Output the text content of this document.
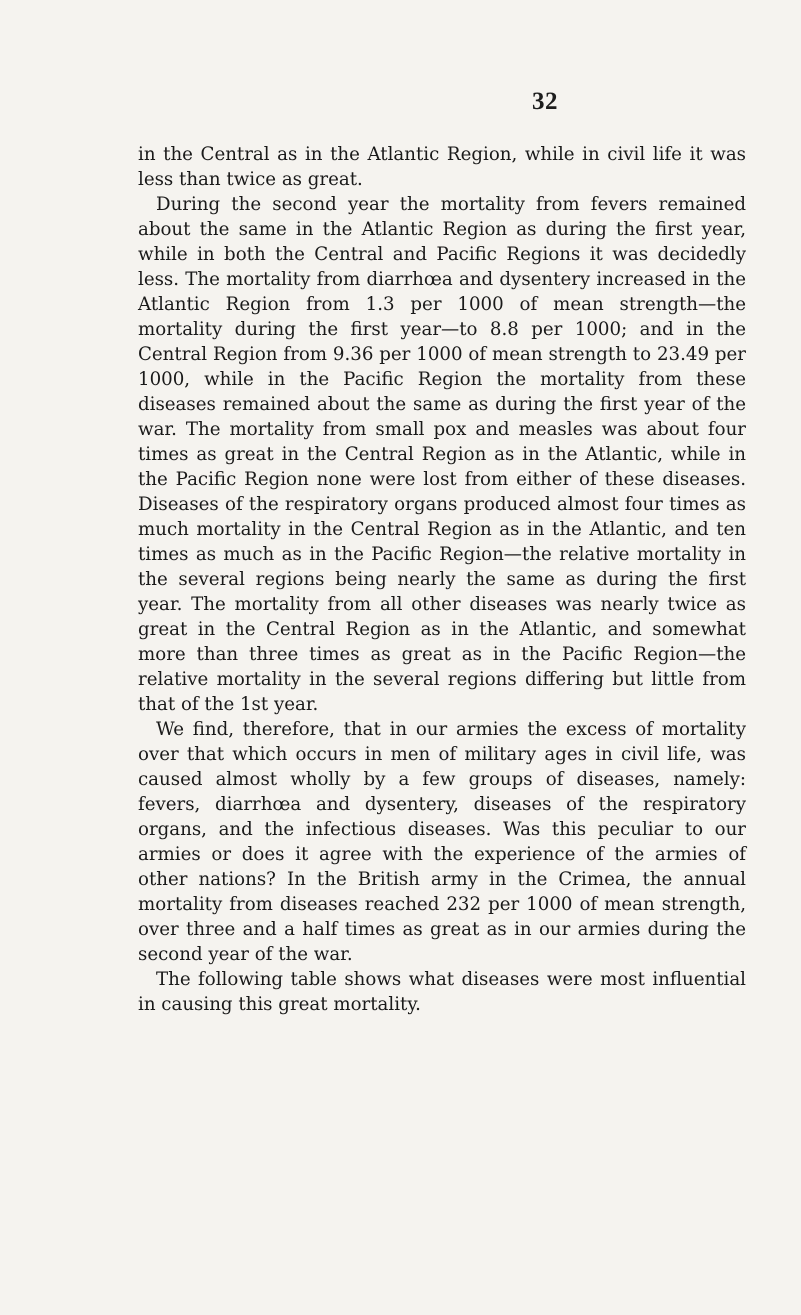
32

in the Central as in the Atlantic Region, while in civil life it was less than twice as great.

During the second year the mortality from fevers remained about the same in the Atlantic Region as during the first year, while in both the Central and Pacific Regions it was decidedly less. The mortality from diarrhœa and dysentery increased in the Atlantic Region from 1.3 per 1000 of mean strength—the mortality during the first year—to 8.8 per 1000; and in the Central Region from 9.36 per 1000 of mean strength to 23.49 per 1000, while in the Pacific Region the mortality from these diseases remained about the same as during the first year of the war. The mortality from small pox and measles was about four times as great in the Central Region as in the Atlantic, while in the Pacific Region none were lost from either of these diseases. Diseases of the respiratory organs produced almost four times as much mortality in the Central Region as in the Atlantic, and ten times as much as in the Pacific Region—the relative mortality in the several regions being nearly the same as during the first year. The mortality from all other diseases was nearly twice as great in the Central Region as in the Atlantic, and somewhat more than three times as great as in the Pacific Region—the relative mortality in the several regions differing but little from that of the 1st year.

We find, therefore, that in our armies the excess of mortality over that which occurs in men of military ages in civil life, was caused almost wholly by a few groups of diseases, namely: fevers, diarrhœa and dysentery, diseases of the respiratory organs, and the infectious diseases. Was this peculiar to our armies or does it agree with the experience of the armies of other nations? In the British army in the Crimea, the annual mortality from diseases reached 232 per 1000 of mean strength, over three and a half times as great as in our armies during the second year of the war.

The following table shows what diseases were most influential in causing this great mortality.
